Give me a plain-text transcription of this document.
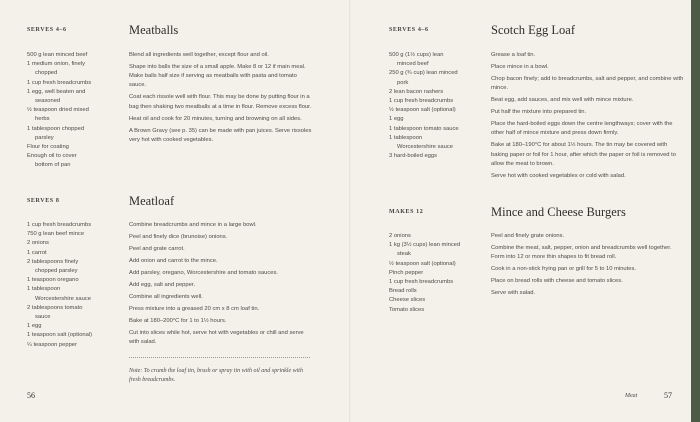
SERVES 4–6	Meatballs
500 g lean minced beef
1 medium onion, finely
chopped
1 cup fresh breadcrumbs
1 egg, well beaten and
seasoned
½ teaspoon dried mixed
herbs
1 tablespoon chopped
parsley
Flour for coating
Enough oil to cover
bottom of pan

Blend all ingredients well together, except flour and oil.

Shape into balls the size of a small apple. Make 8 or 12 if main meal. Make balls half size if serving as meatballs with pasta and tomato sauce.

Coat each rissole well with flour. This may be done by putting flour in a bag then shaking two meatballs at a time in flour. Remove excess flour.

Heat oil and cook for 20 minutes, turning and browning on all sides.

A Brown Gravy (see p. 35) can be made with pan juices. Serve rissoles very hot with cooked vegetables.

SERVES 8	Meatloaf
1 cup fresh breadcrumbs
750 g lean beef mince
2 onions
1 carrot
2 tablespoons finely
chopped parsley
1 teaspoon oregano
1 tablespoon
Worcestershire sauce
2 tablespoons tomato
sauce
1 egg
1 teaspoon salt (optional)
¼ teaspoon pepper

Combine breadcrumbs and mince in a large bowl.

Peel and finely dice (brunoise) onions.

Peel and grate carrot.

Add onion and carrot to the mince.

Add parsley, oregano, Worcestershire and tomato sauces.

Add egg, salt and pepper.

Combine all ingredients well.

Press mixture into a greased 20 cm x 8 cm loaf tin.

Bake at 180–200°C for 1 to 1½ hours.

Cut into slices while hot, serve hot with vegetables or chill and serve with salad.

Note: To crumb the loaf tin, brush or spray tin with oil and sprinkle with fresh breadcrumbs.
56
SERVES 4–6	Scotch Egg Loaf
500 g (1½ cups) lean
minced beef
250 g (¾ cup) lean minced
pork
2 lean bacon rashers
1 cup fresh breadcrumbs
½ teaspoon salt (optional)
1 egg
1 tablespoon tomato sauce
1 tablespoon
Worcestershire sauce
3 hard-boiled eggs

Grease a loaf tin.

Place mince in a bowl.

Chop bacon finely; add to breadcrumbs, salt and pepper, and combine with mince.

Beat egg, add sauces, and mix well with mince mixture.

Put half the mixture into prepared tin.

Place the hard-boiled eggs down the centre lengthways; cover with the other half of mince mixture and press down firmly.

Bake at 180–190°C for about 1½ hours. The tin may be covered with baking paper or foil for 1 hour, after which the paper or foil is removed to allow the meat to brown.

Serve hot with cooked vegetables or cold with salad.

MAKES 12	Mince and Cheese Burgers
2 onions
1 kg (3½ cups) lean minced
steak
½ teaspoon salt (optional)
Pinch pepper
1 cup fresh breadcrumbs
Bread rolls
Cheese slices
Tomato slices

Peel and finely grate onions.

Combine the meat, salt, pepper, onion and breadcrumbs well together. Form into 12 or more thin shapes to fit bread roll.

Cook in a non-stick frying pan or grill for 5 to 10 minutes.

Place on bread rolls with cheese and tomato slices.

Serve with salad.

Meat	57
